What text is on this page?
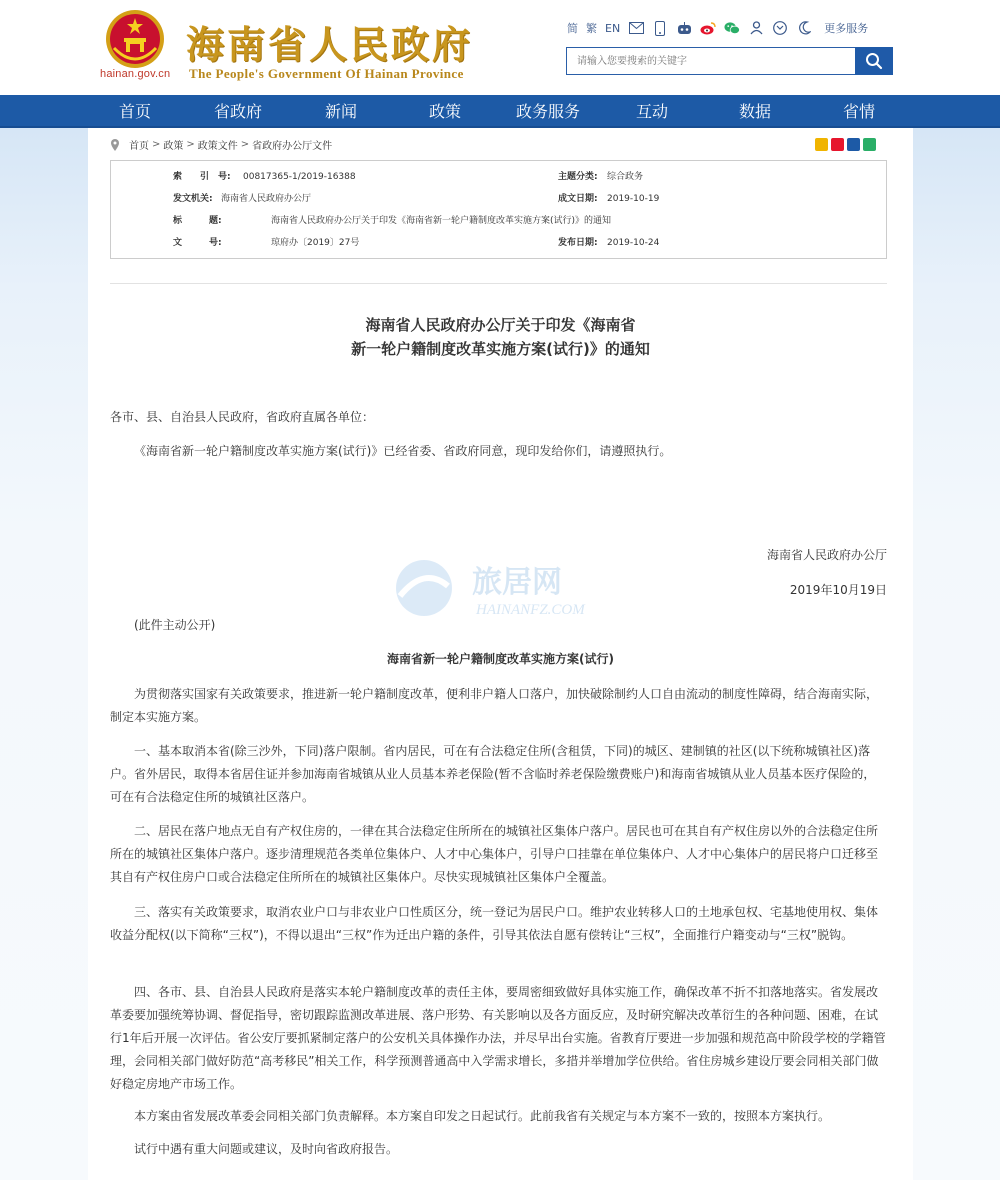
hainan.gov.cn
海南省人民政府
The People's Government Of Hainan Province
简 繁 EN	更多服务
请输入您要搜索的关键字
首页	省政府	新闻	政策	政务服务	互动	数据	省情
首页 > 政策 > 政策文件 > 省政府办公厅文件
索　　引　号: 00817365-1/2019-16388	主题分类: 综合政务
发文机关: 海南省人民政府办公厅	成文日期: 2019-10-19
标　　　题:	海南省人民政府办公厅关于印发《海南省新一轮户籍制度改革实施方案(试行)》的通知
文　　　号:	琼府办〔2019〕27号	发布日期: 2019-10-24
海南省人民政府办公厅关于印发《海南省
新一轮户籍制度改革实施方案(试行)》的通知
各市、县、自治县人民政府，省政府直属各单位：
《海南省新一轮户籍制度改革实施方案(试行)》已经省委、省政府同意，现印发给你们，请遵照执行。
海南省人民政府办公厅
2019年10月19日
旅居网
HAINANFZ.COM
(此件主动公开)
海南省新一轮户籍制度改革实施方案(试行)
为贯彻落实国家有关政策要求，推进新一轮户籍制度改革，便利非户籍人口落户，加快破除制约人口自由流动的制度性障碍，结合海南实际，制定本实施方案。
一、基本取消本省(除三沙外，下同)落户限制。省内居民，可在有合法稳定住所(含租赁，下同)的城区、建制镇的社区(以下统称城镇社区)落户。省外居民，取得本省居住证并参加海南省城镇从业人员基本养老保险(暂不含临时养老保险缴费账户)和海南省城镇从业人员基本医疗保险的，可在有合法稳定住所的城镇社区落户。
二、居民在落户地点无自有产权住房的，一律在其合法稳定住所所在的城镇社区集体户落户。居民也可在其自有产权住房以外的合法稳定住所所在的城镇社区集体户落户。逐步清理规范各类单位集体户、人才中心集体户，引导户口挂靠在单位集体户、人才中心集体户的居民将户口迁移至其自有产权住房户口或合法稳定住所所在的城镇社区集体户。尽快实现城镇社区集体户全覆盖。
三、落实有关政策要求，取消农业户口与非农业户口性质区分，统一登记为居民户口。维护农业转移人口的土地承包权、宅基地使用权、集体收益分配权(以下简称“三权”)，不得以退出“三权”作为迁出户籍的条件，引导其依法自愿有偿转让“三权”，全面推行户籍变动与“三权”脱钩。
四、各市、县、自治县人民政府是落实本轮户籍制度改革的责任主体，要周密细致做好具体实施工作，确保改革不折不扣落地落实。省发展改革委要加强统筹协调、督促指导，密切跟踪监测改革进展、落户形势、有关影响以及各方面反应，及时研究解决改革衍生的各种问题、困难，在试行1年后开展一次评估。省公安厅要抓紧制定落户的公安机关具体操作办法，并尽早出台实施。省教育厅要进一步加强和规范高中阶段学校的学籍管理，会同相关部门做好防范“高考移民”相关工作，科学预测普通高中入学需求增长，多措并举增加学位供给。省住房城乡建设厅要会同相关部门做好稳定房地产市场工作。
本方案由省发展改革委会同相关部门负责解释。本方案自印发之日起试行。此前我省有关规定与本方案不一致的，按照本方案执行。
试行中遇有重大问题或建议，及时向省政府报告。
